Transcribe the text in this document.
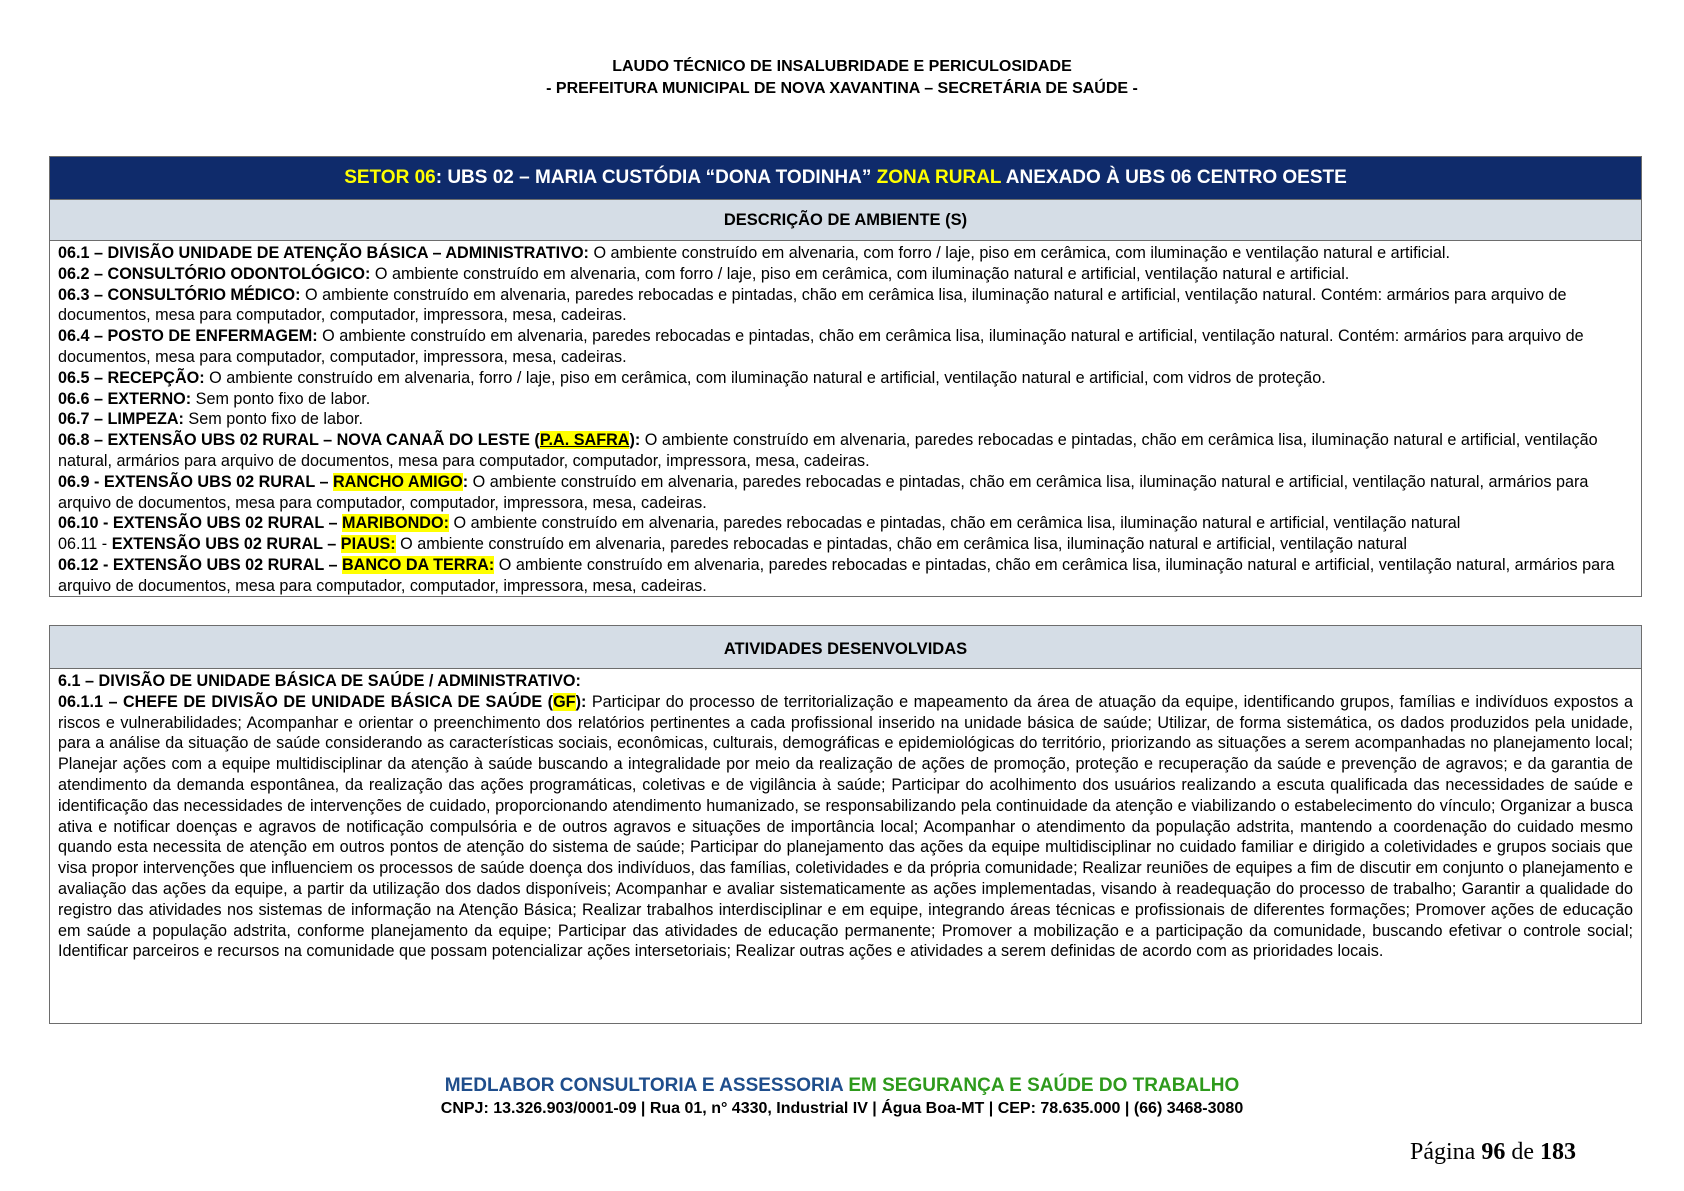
LAUDO TÉCNICO DE INSALUBRIDADE E PERICULOSIDADE
- PREFEITURA MUNICIPAL DE NOVA XAVANTINA – SECRETÁRIA DE SAÚDE -
SETOR 06: UBS 02 – MARIA CUSTÓDIA “DONA TODINHA” ZONA RURAL ANEXADO À UBS 06 CENTRO OESTE
DESCRIÇÃO DE AMBIENTE (S)

06.1 – DIVISÃO UNIDADE DE ATENÇÃO BÁSICA – ADMINISTRATIVO: O ambiente construído em alvenaria, com forro / laje, piso em cerâmica, com iluminação e ventilação natural e artificial.

06.2 – CONSULTÓRIO ODONTOLÓGICO: O ambiente construído em alvenaria, com forro / laje, piso em cerâmica, com iluminação natural e artificial, ventilação natural e artificial.

06.3 – CONSULTÓRIO MÉDICO: O ambiente construído em alvenaria, paredes rebocadas e pintadas, chão em cerâmica lisa, iluminação natural e artificial, ventilação natural. Contém: armários para arquivo de documentos, mesa para computador, computador, impressora, mesa, cadeiras.

06.4 – POSTO DE ENFERMAGEM: O ambiente construído em alvenaria, paredes rebocadas e pintadas, chão em cerâmica lisa, iluminação natural e artificial, ventilação natural. Contém: armários para arquivo de documentos, mesa para computador, computador, impressora, mesa, cadeiras.

06.5 – RECEPÇÃO: O ambiente construído em alvenaria, forro / laje, piso em cerâmica, com iluminação natural e artificial, ventilação natural e artificial, com vidros de proteção.

06.6 – EXTERNO: Sem ponto fixo de labor.

06.7 – LIMPEZA: Sem ponto fixo de labor.

06.8 – EXTENSÃO UBS 02 RURAL – NOVA CANAÃ DO LESTE (P.A. SAFRA): O ambiente construído em alvenaria, paredes rebocadas e pintadas, chão em cerâmica lisa, iluminação natural e artificial, ventilação natural, armários para arquivo de documentos, mesa para computador, computador, impressora, mesa, cadeiras.

06.9 - EXTENSÃO UBS 02 RURAL – RANCHO AMIGO: O ambiente construído em alvenaria, paredes rebocadas e pintadas, chão em cerâmica lisa, iluminação natural e artificial, ventilação natural, armários para arquivo de documentos, mesa para computador, computador, impressora, mesa, cadeiras.

06.10 - EXTENSÃO UBS 02 RURAL – MARIBONDO: O ambiente construído em alvenaria, paredes rebocadas e pintadas, chão em cerâmica lisa, iluminação natural e artificial, ventilação natural

06.11 - EXTENSÃO UBS 02 RURAL – PIAUS: O ambiente construído em alvenaria, paredes rebocadas e pintadas, chão em cerâmica lisa, iluminação natural e artificial, ventilação natural

06.12 - EXTENSÃO UBS 02 RURAL – BANCO DA TERRA: O ambiente construído em alvenaria, paredes rebocadas e pintadas, chão em cerâmica lisa, iluminação natural e artificial, ventilação natural, armários para arquivo de documentos, mesa para computador, computador, impressora, mesa, cadeiras.

ATIVIDADES DESENVOLVIDAS

6.1 – DIVISÃO DE UNIDADE BÁSICA DE SAÚDE / ADMINISTRATIVO:

06.1.1 – CHEFE DE DIVISÃO DE UNIDADE BÁSICA DE SAÚDE (GF): Participar do processo de territorialização e mapeamento da área de atuação da equipe, identificando grupos, famílias e indivíduos expostos a riscos e vulnerabilidades; Acompanhar e orientar o preenchimento dos relatórios pertinentes a cada profissional inserido na unidade básica de saúde; Utilizar, de forma sistemática, os dados produzidos pela unidade, para a análise da situação de saúde considerando as características sociais, econômicas, culturais, demográficas e epidemiológicas do território, priorizando as situações a serem acompanhadas no planejamento local; Planejar ações com a equipe multidisciplinar da atenção à saúde buscando a integralidade por meio da realização de ações de promoção, proteção e recuperação da saúde e prevenção de agravos; e da garantia de atendimento da demanda espontânea, da realização das ações programáticas, coletivas e de vigilância à saúde; Participar do acolhimento dos usuários realizando a escuta qualificada das necessidades de saúde e identificação das necessidades de intervenções de cuidado, proporcionando atendimento humanizado, se responsabilizando pela continuidade da atenção e viabilizando o estabelecimento do vínculo; Organizar a busca ativa e notificar doenças e agravos de notificação compulsória e de outros agravos e situações de importância local; Acompanhar o atendimento da população adstrita, mantendo a coordenação do cuidado mesmo quando esta necessita de atenção em outros pontos de atenção do sistema de saúde; Participar do planejamento das ações da equipe multidisciplinar no cuidado familiar e dirigido a coletividades e grupos sociais que visa propor intervenções que influenciem os processos de saúde doença dos indivíduos, das famílias, coletividades e da própria comunidade; Realizar reuniões de equipes a fim de discutir em conjunto o planejamento e avaliação das ações da equipe, a partir da utilização dos dados disponíveis; Acompanhar e avaliar sistematicamente as ações implementadas, visando à readequação do processo de trabalho; Garantir a qualidade do registro das atividades nos sistemas de informação na Atenção Básica; Realizar trabalhos interdisciplinar e em equipe, integrando áreas técnicas e profissionais de diferentes formações; Promover ações de educação em saúde a população adstrita, conforme planejamento da equipe; Participar das atividades de educação permanente; Promover a mobilização e a participação da comunidade, buscando efetivar o controle social; Identificar parceiros e recursos na comunidade que possam potencializar ações intersetoriais; Realizar outras ações e atividades a serem definidas de acordo com as prioridades locais.

MEDLABOR CONSULTORIA E ASSESSORIA EM SEGURANÇA E SAÚDE DO TRABALHO
CNPJ: 13.326.903/0001-09 | Rua 01, n° 4330, Industrial IV | Água Boa-MT | CEP: 78.635.000 | (66) 3468-3080
Página 96 de 183
